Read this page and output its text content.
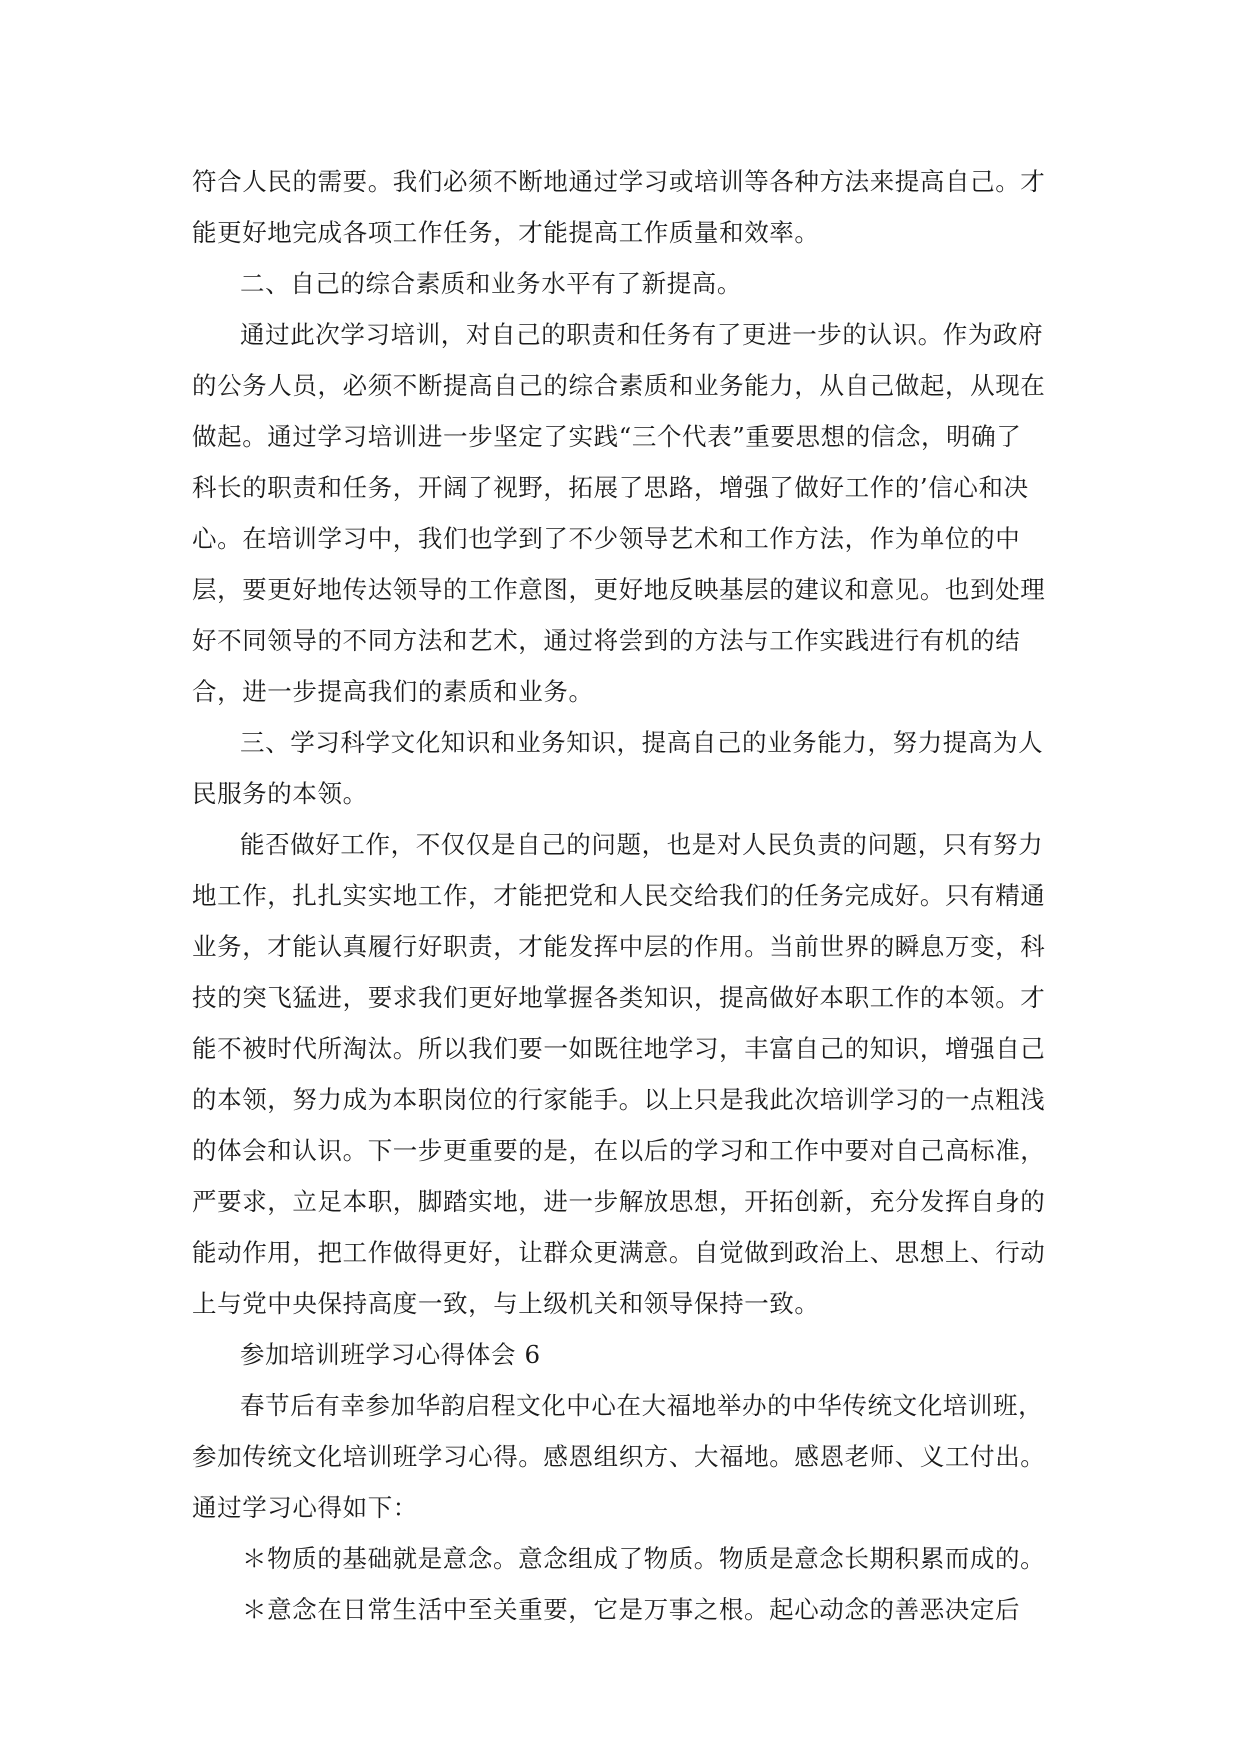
符合人民的需要。我们必须不断地通过学习或培训等各种方法来提高自己。才
能更好地完成各项工作任务，才能提高工作质量和效率。
二、自己的综合素质和业务水平有了新提高。
通过此次学习培训，对自己的职责和任务有了更进一步的认识。作为政府
的公务人员，必须不断提高自己的综合素质和业务能力，从自己做起，从现在
做起。通过学习培训进一步坚定了实践“三个代表”重要思想的信念，明确了
科长的职责和任务，开阔了视野，拓展了思路，增强了做好工作的’信心和决
心。在培训学习中，我们也学到了不少领导艺术和工作方法，作为单位的中
层，要更好地传达领导的工作意图，更好地反映基层的建议和意见。也到处理
好不同领导的不同方法和艺术，通过将尝到的方法与工作实践进行有机的结
合，进一步提高我们的素质和业务。
三、学习科学文化知识和业务知识，提高自己的业务能力，努力提高为人
民服务的本领。
能否做好工作，不仅仅是自己的问题，也是对人民负责的问题，只有努力
地工作，扎扎实实地工作，才能把党和人民交给我们的任务完成好。只有精通
业务，才能认真履行好职责，才能发挥中层的作用。当前世界的瞬息万变，科
技的突飞猛进，要求我们更好地掌握各类知识，提高做好本职工作的本领。才
能不被时代所淘汰。所以我们要一如既往地学习，丰富自己的知识，增强自己
的本领，努力成为本职岗位的行家能手。以上只是我此次培训学习的一点粗浅
的体会和认识。下一步更重要的是，在以后的学习和工作中要对自己高标准，
严要求，立足本职，脚踏实地，进一步解放思想，开拓创新，充分发挥自身的
能动作用，把工作做得更好，让群众更满意。自觉做到政治上、思想上、行动
上与党中央保持高度一致，与上级机关和领导保持一致。
参加培训班学习心得体会 6
春节后有幸参加华韵启程文化中心在大福地举办的中华传统文化培训班，
参加传统文化培训班学习心得。感恩组织方、大福地。感恩老师、义工付出。
通过学习心得如下：
＊物质的基础就是意念。意念组成了物质。物质是意念长期积累而成的。
＊意念在日常生活中至关重要，它是万事之根。起心动念的善恶决定后
